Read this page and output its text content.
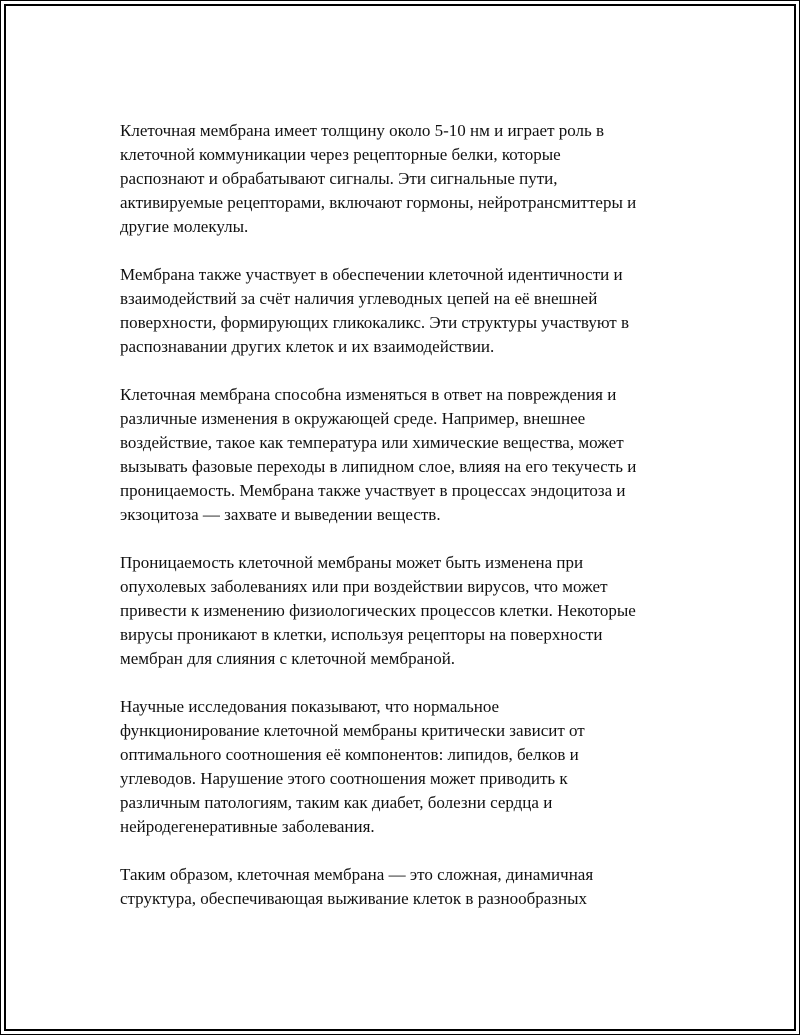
Клеточная мембрана имеет толщину около 5-10 нм и играет роль в
клеточной коммуникации через рецепторные белки, которые
распознают и обрабатывают сигналы. Эти сигнальные пути,
активируемые рецепторами, включают гормоны, нейротрансмиттеры и
другие молекулы.

Мембрана также участвует в обеспечении клеточной идентичности и
взаимодействий за счёт наличия углеводных цепей на её внешней
поверхности, формирующих гликокаликс. Эти структуры участвуют в
распознавании других клеток и их взаимодействии.

Клеточная мембрана способна изменяться в ответ на повреждения и
различные изменения в окружающей среде. Например, внешнее
воздействие, такое как температура или химические вещества, может
вызывать фазовые переходы в липидном слое, влияя на его текучесть и
проницаемость. Мембрана также участвует в процессах эндоцитоза и
экзоцитоза — захвате и выведении веществ.

Проницаемость клеточной мембраны может быть изменена при
опухолевых заболеваниях или при воздействии вирусов, что может
привести к изменению физиологических процессов клетки. Некоторые
вирусы проникают в клетки, используя рецепторы на поверхности
мембран для слияния с клеточной мембраной.

Научные исследования показывают, что нормальное
функционирование клеточной мембраны критически зависит от
оптимального соотношения её компонентов: липидов, белков и
углеводов. Нарушение этого соотношения может приводить к
различным патологиям, таким как диабет, болезни сердца и
нейродегенеративные заболевания.

Таким образом, клеточная мембрана — это сложная, динамичная
структура, обеспечивающая выживание клеток в разнообразных
